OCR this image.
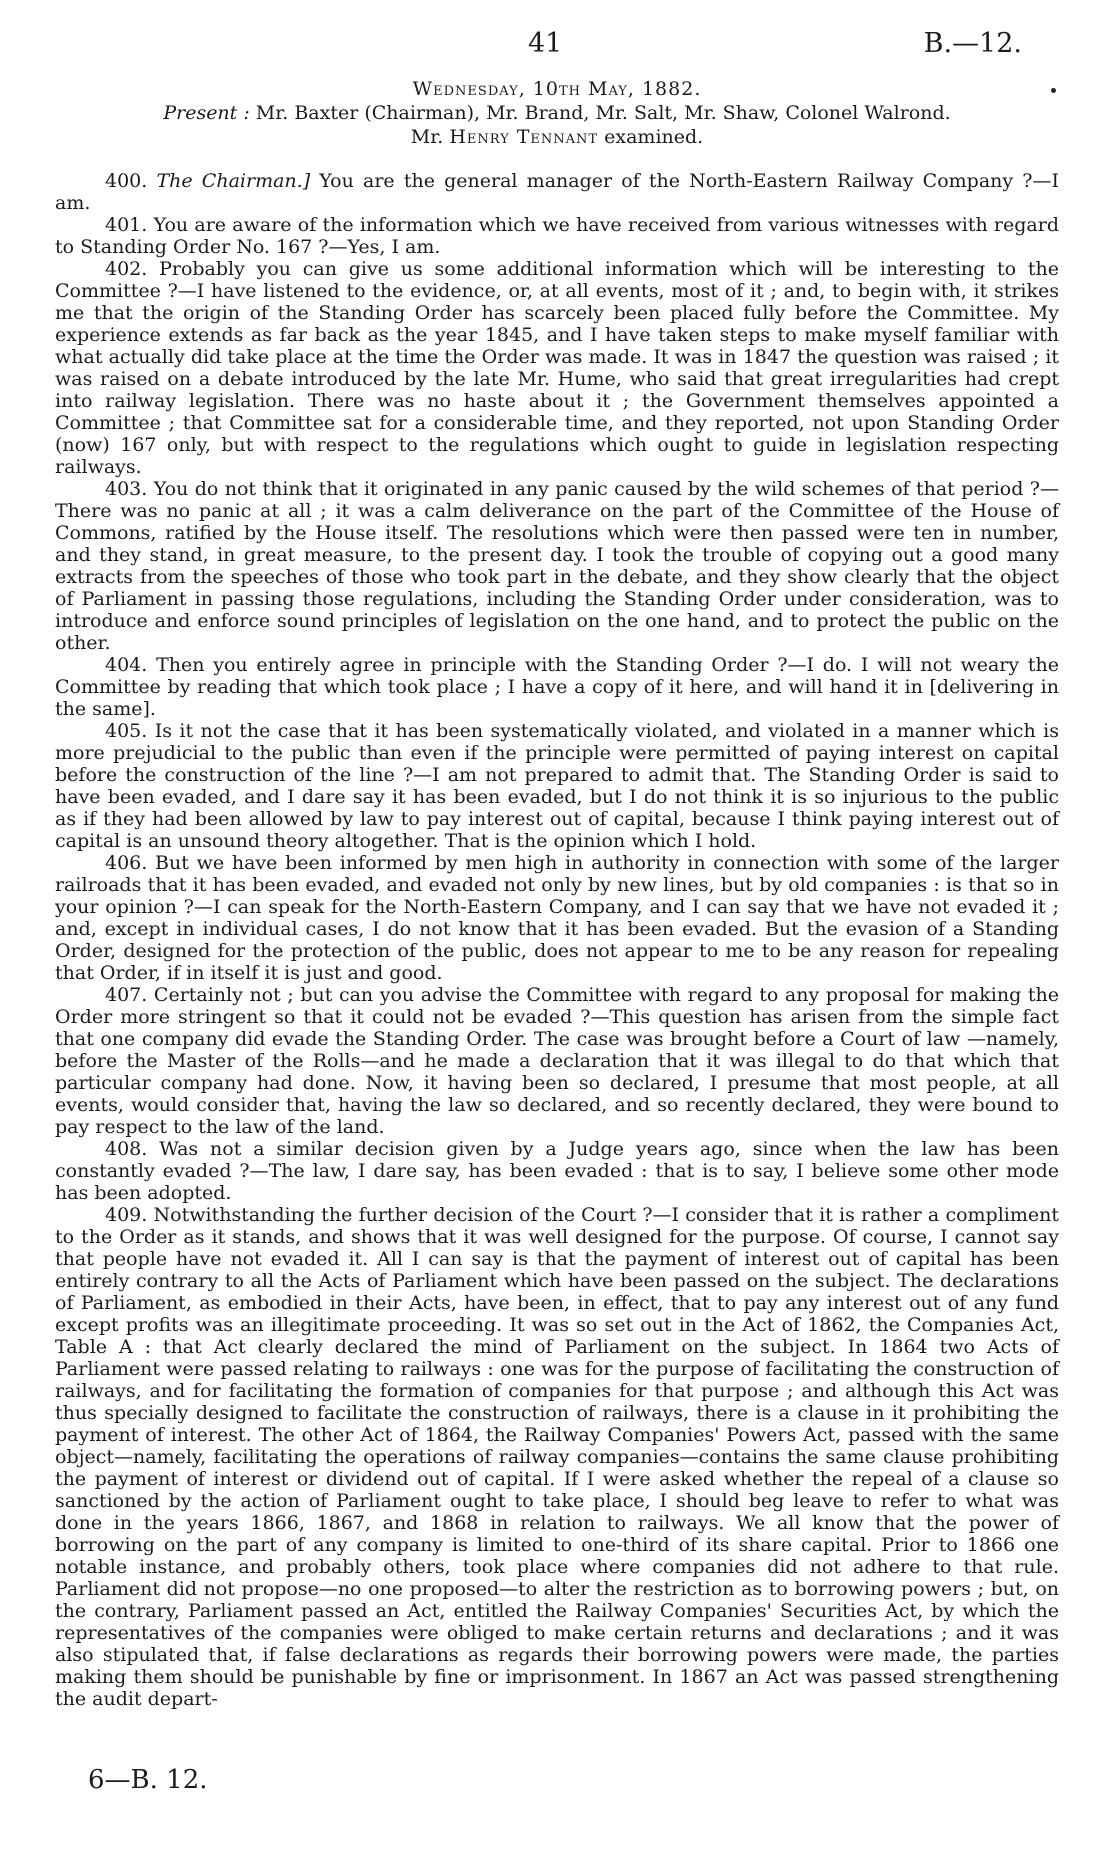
41	B.—12.
Wednesday, 10th May, 1882.
Present : Mr. Baxter (Chairman), Mr. Brand, Mr. Salt, Mr. Shaw, Colonel Walrond.
Mr. Henry Tennant examined.

400. The Chairman.] You are the general manager of the North-Eastern Railway Company ?—I am.

401. You are aware of the information which we have received from various witnesses with regard to Standing Order No. 167 ?—Yes, I am.

402. Probably you can give us some additional information which will be interesting to the Committee ?—I have listened to the evidence, or, at all events, most of it ; and, to begin with, it strikes me that the origin of the Standing Order has scarcely been placed fully before the Committee. My experience extends as far back as the year 1845, and I have taken steps to make myself familiar with what actually did take place at the time the Order was made. It was in 1847 the question was raised ; it was raised on a debate introduced by the late Mr. Hume, who said that great irregularities had crept into railway legislation. There was no haste about it ; the Government themselves appointed a Committee ; that Committee sat for a considerable time, and they reported, not upon Standing Order (now) 167 only, but with respect to the regulations which ought to guide in legislation respecting railways.

403. You do not think that it originated in any panic caused by the wild schemes of that period ?—There was no panic at all ; it was a calm deliverance on the part of the Committee of the House of Commons, ratified by the House itself. The resolutions which were then passed were ten in number, and they stand, in great measure, to the present day. I took the trouble of copying out a good many extracts from the speeches of those who took part in the debate, and they show clearly that the object of Parliament in passing those regulations, including the Standing Order under consideration, was to introduce and enforce sound principles of legislation on the one hand, and to protect the public on the other.

404. Then you entirely agree in principle with the Standing Order ?—I do. I will not weary the Committee by reading that which took place ; I have a copy of it here, and will hand it in [delivering in the same].

405. Is it not the case that it has been systematically violated, and violated in a manner which is more prejudicial to the public than even if the principle were permitted of paying interest on capital before the construction of the line ?—I am not prepared to admit that. The Standing Order is said to have been evaded, and I dare say it has been evaded, but I do not think it is so injurious to the public as if they had been allowed by law to pay interest out of capital, because I think paying interest out of capital is an unsound theory altogether. That is the opinion which I hold.

406. But we have been informed by men high in authority in connection with some of the larger railroads that it has been evaded, and evaded not only by new lines, but by old companies : is that so in your opinion ?—I can speak for the North-Eastern Company, and I can say that we have not evaded it ; and, except in individual cases, I do not know that it has been evaded. But the evasion of a Standing Order, designed for the protection of the public, does not appear to me to be any reason for repealing that Order, if in itself it is just and good.

407. Certainly not ; but can you advise the Committee with regard to any proposal for making the Order more stringent so that it could not be evaded ?—This question has arisen from the simple fact that one company did evade the Standing Order. The case was brought before a Court of law —namely, before the Master of the Rolls—and he made a declaration that it was illegal to do that which that particular company had done. Now, it having been so declared, I presume that most people, at all events, would consider that, having the law so declared, and so recently declared, they were bound to pay respect to the law of the land.

408. Was not a similar decision given by a Judge years ago, since when the law has been constantly evaded ?—The law, I dare say, has been evaded : that is to say, I believe some other mode has been adopted.

409. Notwithstanding the further decision of the Court ?—I consider that it is rather a compliment to the Order as it stands, and shows that it was well designed for the purpose. Of course, I cannot say that people have not evaded it. All I can say is that the payment of interest out of capital has been entirely contrary to all the Acts of Parliament which have been passed on the subject. The declarations of Parliament, as embodied in their Acts, have been, in effect, that to pay any interest out of any fund except profits was an illegitimate proceeding. It was so set out in the Act of 1862, the Companies Act, Table A : that Act clearly declared the mind of Parliament on the subject. In 1864 two Acts of Parliament were passed relating to railways : one was for the purpose of facilitating the construction of railways, and for facilitating the formation of companies for that purpose ; and although this Act was thus specially designed to facilitate the construction of railways, there is a clause in it prohibiting the payment of interest. The other Act of 1864, the Railway Companies' Powers Act, passed with the same object—namely, facilitating the operations of railway companies—contains the same clause prohibiting the payment of interest or dividend out of capital. If I were asked whether the repeal of a clause so sanctioned by the action of Parliament ought to take place, I should beg leave to refer to what was done in the years 1866, 1867, and 1868 in relation to railways. We all know that the power of borrowing on the part of any company is limited to one-third of its share capital. Prior to 1866 one notable instance, and probably others, took place where companies did not adhere to that rule. Parliament did not propose—no one proposed—to alter the restriction as to borrowing powers ; but, on the contrary, Parliament passed an Act, entitled the Railway Companies' Securities Act, by which the representatives of the companies were obliged to make certain returns and declarations ; and it was also stipulated that, if false declarations as regards their borrowing powers were made, the parties making them should be punishable by fine or imprisonment. In 1867 an Act was passed strengthening the audit depart-

6—B. 12.
